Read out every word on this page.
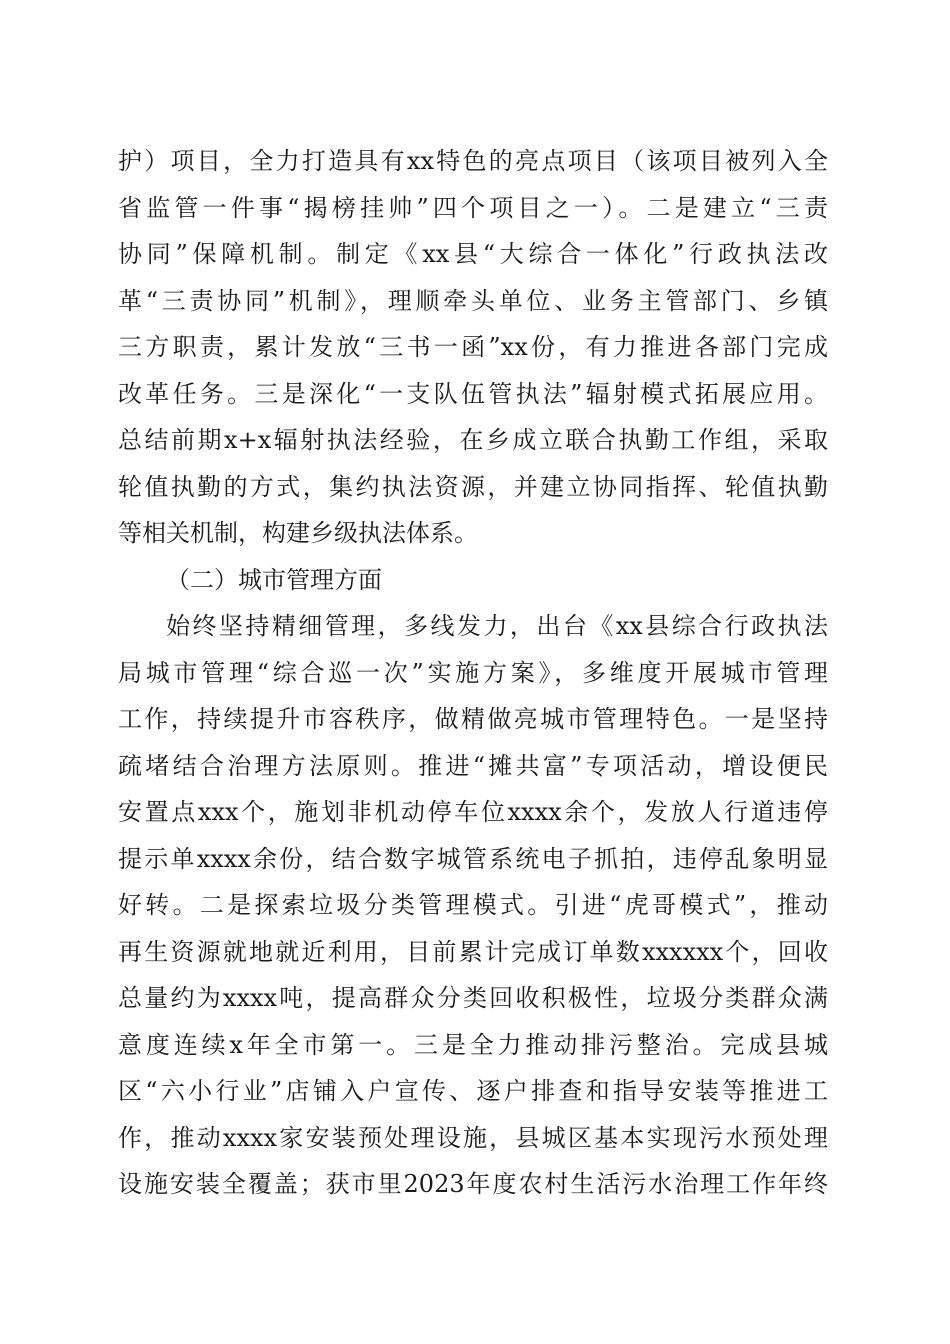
护）项目，全力打造具有xx特色的亮点项目（该项目被列入全
省监管一件事“揭榜挂帅”四个项目之一）。二是建立“三责
协同”保障机制。制定《xx县“大综合一体化”行政执法改
革“三责协同”机制》，理顺牵头单位、业务主管部门、乡镇
三方职责，累计发放“三书一函”xx份，有力推进各部门完成
改革任务。三是深化“一支队伍管执法”辐射模式拓展应用。
总结前期x+x辐射执法经验，在乡成立联合执勤工作组，采取
轮值执勤的方式，集约执法资源，并建立协同指挥、轮值执勤
等相关机制，构建乡级执法体系。
（二）城市管理方面
始终坚持精细管理，多线发力，出台《xx县综合行政执法
局城市管理“综合巡一次”实施方案》，多维度开展城市管理
工作，持续提升市容秩序，做精做亮城市管理特色。一是坚持
疏堵结合治理方法原则。推进“摊共富”专项活动，增设便民
安置点xxx个，施划非机动停车位xxxx余个，发放人行道违停
提示单xxxx余份，结合数字城管系统电子抓拍，违停乱象明显
好转。二是探索垃圾分类管理模式。引进“虎哥模式”，推动
再生资源就地就近利用，目前累计完成订单数xxxxxx个，回收
总量约为xxxx吨，提高群众分类回收积极性，垃圾分类群众满
意度连续x年全市第一。三是全力推动排污整治。完成县城
区“六小行业”店铺入户宣传、逐户排查和指导安装等推进工
作，推动xxxx家安装预处理设施，县城区基本实现污水预处理
设施安装全覆盖；获市里2023年度农村生活污水治理工作年终
